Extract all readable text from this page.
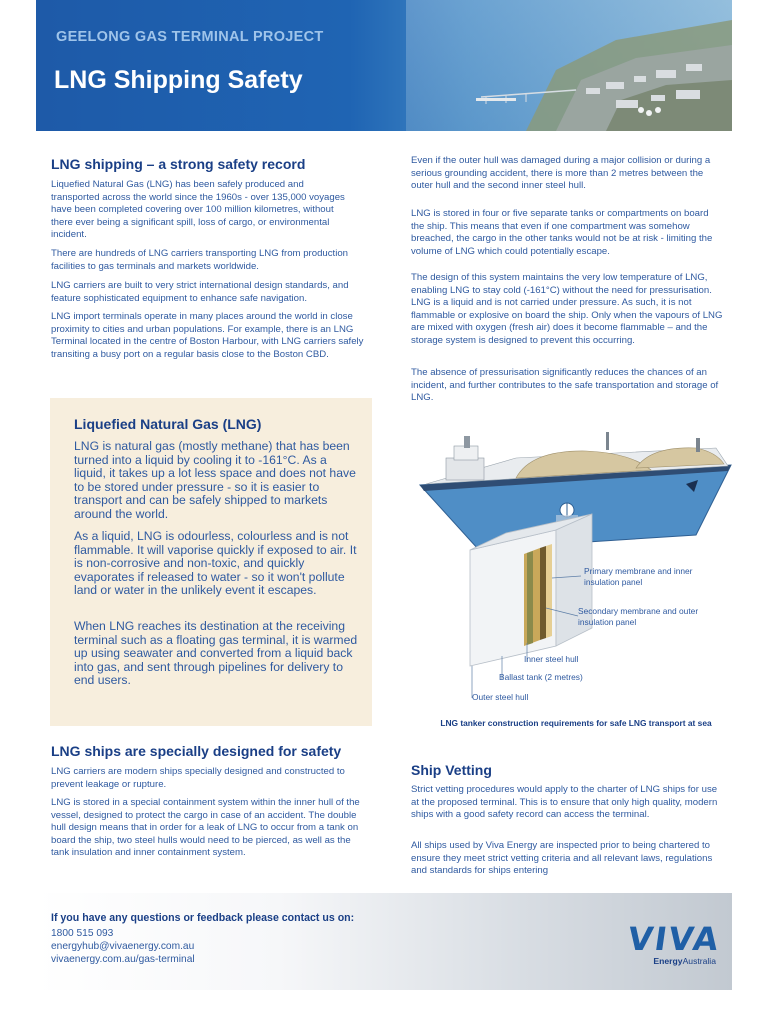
GEELONG GAS TERMINAL PROJECT
LNG Shipping Safety
LNG shipping – a strong safety record

Liquefied Natural Gas (LNG) has been safely produced and transported across the world since the 1960s - over 135,000 voyages have been completed covering over 100 million kilometres, without there ever being a significant spill, loss of cargo, or environmental incident.

There are hundreds of LNG carriers transporting LNG from production facilities to gas terminals and markets worldwide.

LNG carriers are built to very strict international design standards, and feature sophisticated equipment to enhance safe navigation.

LNG import terminals operate in many places around the world in close proximity to cities and urban populations. For example, there is an LNG Terminal located in the centre of Boston Harbour, with LNG carriers safely transiting a busy port on a regular basis close to the Boston CBD.

Liquefied Natural Gas (LNG)

LNG is natural gas (mostly methane) that has been turned into a liquid by cooling it to -161°C. As a liquid, it takes up a lot less space and does not have to be stored under pressure - so it is easier to transport and can be safely shipped to markets around the world.

As a liquid, LNG is odourless, colourless and is not flammable. It will vaporise quickly if exposed to air. It is non-corrosive and non-toxic, and quickly evaporates if released to water - so it won't pollute land or water in the unlikely event it escapes.

When LNG reaches its destination at the receiving terminal such as a floating gas terminal, it is warmed up using seawater and converted from a liquid back into gas, and sent through pipelines for delivery to end users.

LNG ships are specially designed for safety

LNG carriers are modern ships specially designed and constructed to prevent leakage or rupture.

LNG is stored in a special containment system within the inner hull of the vessel, designed to protect the cargo in case of an accident. The double hull design means that in order for a leak of LNG to occur from a tank on board the ship, two steel hulls would need to be pierced, as well as the tank insulation and inner containment system.

Even if the outer hull was damaged during a major collision or during a serious grounding accident, there is more than 2 metres between the outer hull and the second inner steel hull.

LNG is stored in four or five separate tanks or compartments on board the ship. This means that even if one compartment was somehow breached, the cargo in the other tanks would not be at risk - limiting the volume of LNG which could potentially escape.

The design of this system maintains the very low temperature of LNG, enabling LNG to stay cold (-161°C) without the need for pressurisation. LNG is a liquid and is not carried under pressure. As such, it is not flammable or explosive on board the ship. Only when the vapours of LNG are mixed with oxygen (fresh air) does it become flammable – and the storage system is designed to prevent this occurring.

The absence of pressurisation significantly reduces the chances of an incident, and further contributes to the safe transportation and storage of LNG.

Primary membrane and inner insulation panel
Secondary membrane and outer insulation panel
Inner steel hull
Ballast tank (2 metres)
Outer steel hull
LNG tanker construction requirements for safe LNG transport at sea
Ship Vetting

Strict vetting procedures would apply to the charter of LNG ships for use at the proposed terminal. This is to ensure that only high quality, modern ships with a good safety record can access the terminal.

All ships used by Viva Energy are inspected prior to being chartered to ensure they meet strict vetting criteria and all relevant laws, regulations and standards for ships entering

If you have any questions or feedback please contact us on:
1800 515 093
energyhub@vivaenergy.com.au
vivaenergy.com.au/gas-terminal
VIVA
EnergyAustralia
